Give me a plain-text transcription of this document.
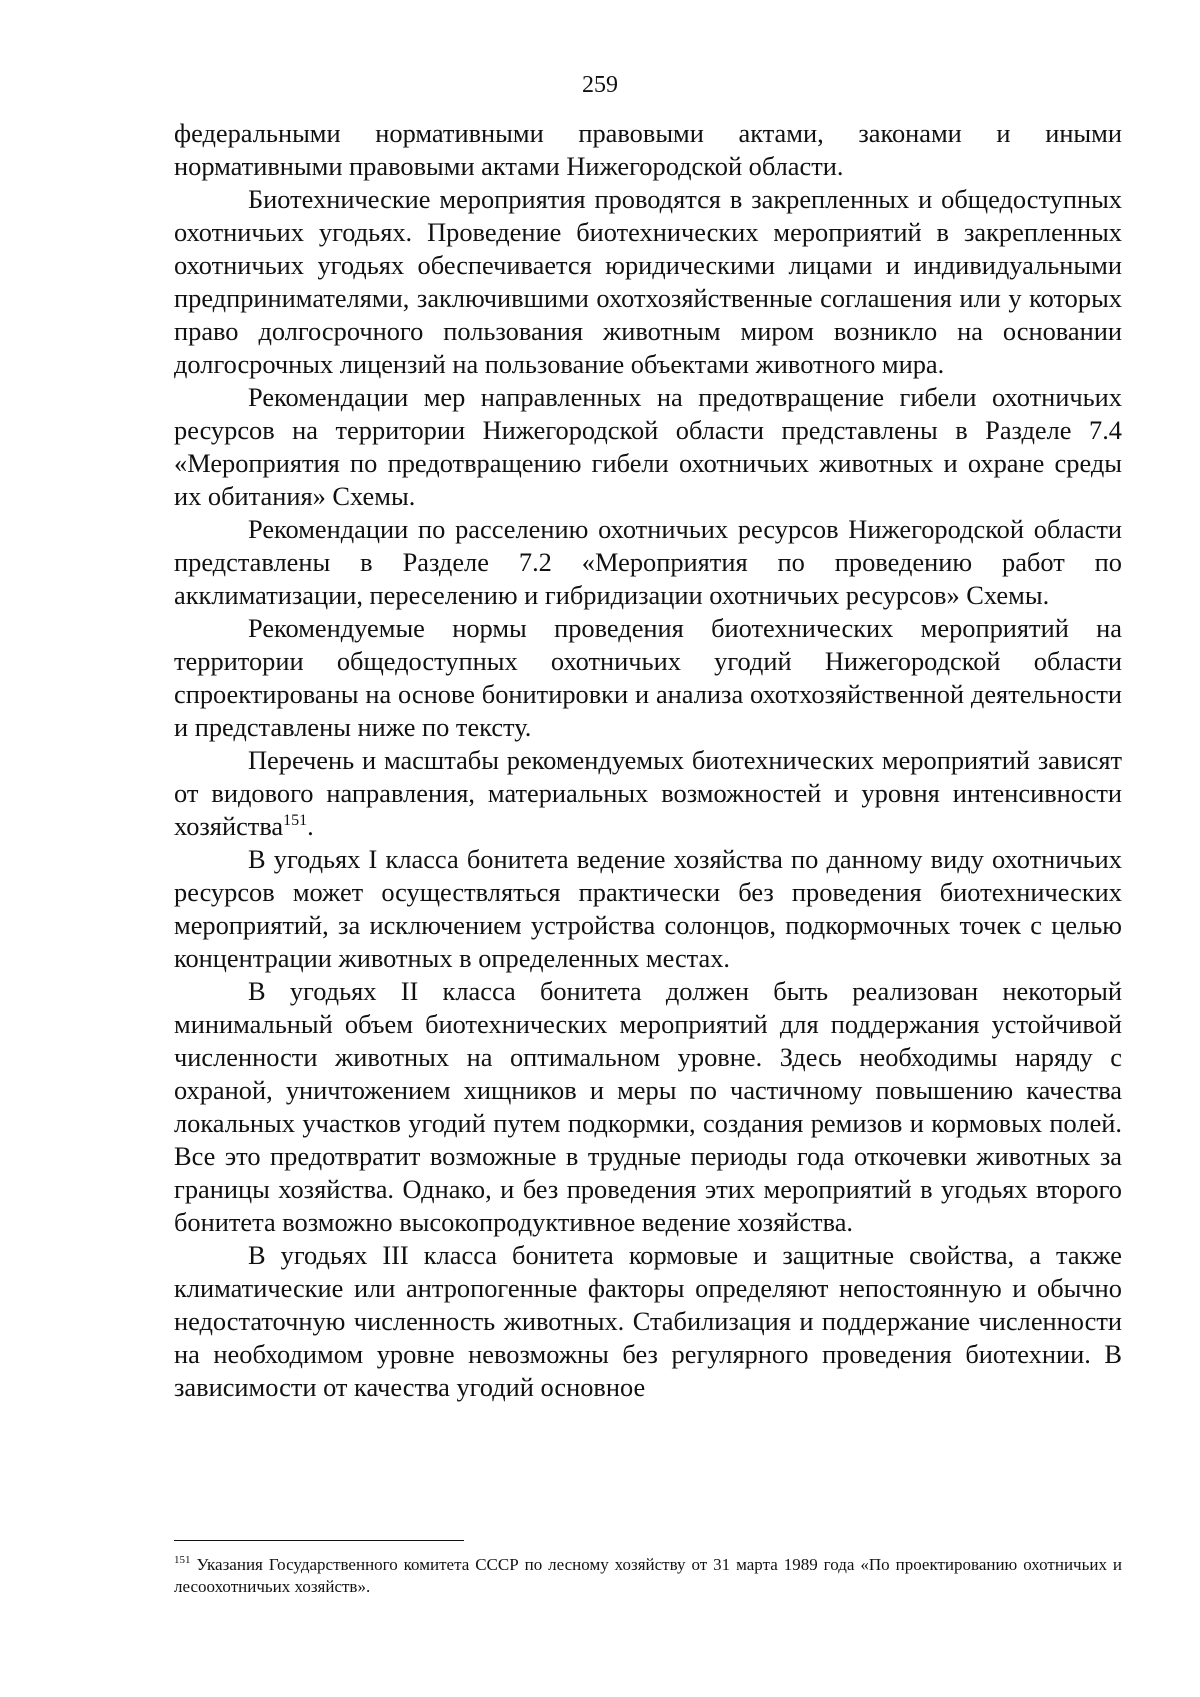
259

федеральными нормативными правовыми актами, законами и иными нормативными правовыми актами Нижегородской области.

Биотехнические мероприятия проводятся в закрепленных и общедоступных охотничьих угодьях. Проведение биотехнических мероприятий в закрепленных охотничьих угодьях обеспечивается юридическими лицами и индивидуальными предпринимателями, заключившими охотхозяйственные соглашения или у которых право долгосрочного пользования животным миром возникло на основании долгосрочных лицензий на пользование объектами животного мира.

Рекомендации мер направленных на предотвращение гибели охотничьих ресурсов на территории Нижегородской области представлены в Разделе 7.4 «Мероприятия по предотвращению гибели охотничьих животных и охране среды их обитания» Схемы.

Рекомендации по расселению охотничьих ресурсов Нижегородской области представлены в Разделе 7.2 «Мероприятия по проведению работ по акклиматизации, переселению и гибридизации охотничьих ресурсов» Схемы.

Рекомендуемые нормы проведения биотехнических мероприятий на территории общедоступных охотничьих угодий Нижегородской области спроектированы на основе бонитировки и анализа охотхозяйственной деятельности и представлены ниже по тексту.

Перечень и масштабы рекомендуемых биотехнических мероприятий зависят от видового направления, материальных возможностей и уровня интенсивности хозяйства$^{151}$.

В угодьях I класса бонитета ведение хозяйства по данному виду охотничьих ресурсов может осуществляться практически без проведения биотехнических мероприятий, за исключением устройства солонцов, подкормочных точек с целью концентрации животных в определенных местах.

В угодьях II класса бонитета должен быть реализован некоторый минимальный объем биотехнических мероприятий для поддержания устойчивой численности животных на оптимальном уровне. Здесь необходимы наряду с охраной, уничтожением хищников и меры по частичному повышению качества локальных участков угодий путем подкормки, создания ремизов и кормовых полей. Все это предотвратит возможные в трудные периоды года откочевки животных за границы хозяйства. Однако, и без проведения этих мероприятий в угодьях второго бонитета возможно высокопродуктивное ведение хозяйства.

В угодьях III класса бонитета кормовые и защитные свойства, а также климатические или антропогенные факторы определяют непостоянную и обычно недостаточную численность животных. Стабилизация и поддержание численности на необходимом уровне невозможны без регулярного проведения биотехнии. В зависимости от качества угодий основное

$^{151}$ Указания Государственного комитета СССР по лесному хозяйству от 31 марта 1989 года «По проектированию охотничьих и лесоохотничьих хозяйств».
